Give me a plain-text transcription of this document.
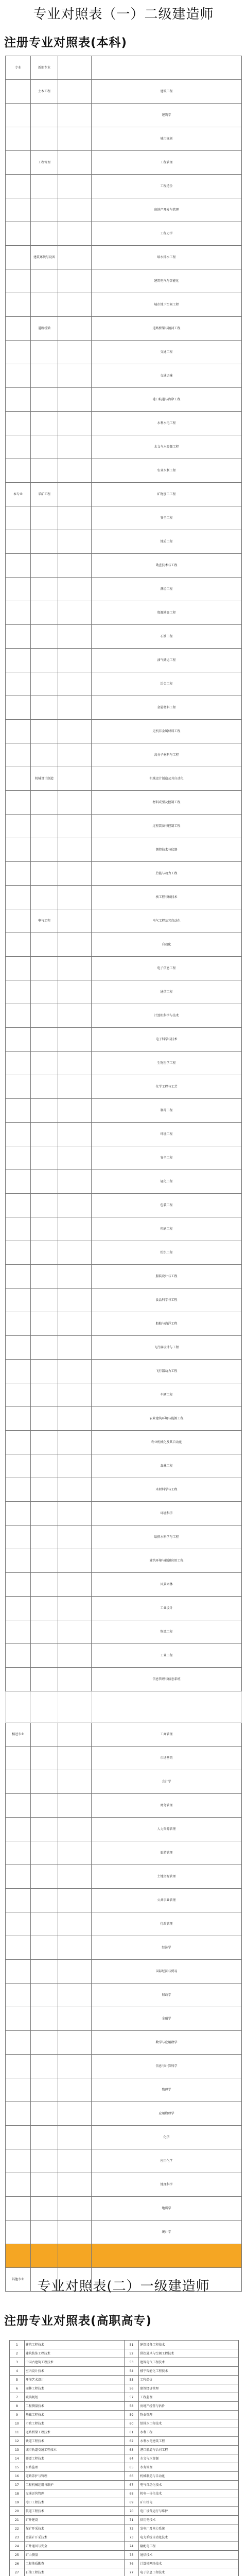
专业对照表（一）二级建造师
注册专业对照表(本科)
专业	新旧专业		
	土木工程		建筑工程
			建筑学
			城市规划
	工程管理		工程管理
			工程造价
			房地产开发与管理
			工程力学
	建筑环境与设备		给水排水工程
			建筑电气与智能化
			城市地下空间工程
	道路桥梁		道路桥梁与渡河工程
			交通工程
			交通运输
			港口航道与海岸工程
			水利水电工程
			水文与水资源工程
			农业水利工程
本专业	采矿工程		矿物加工工程
			安全工程
			地质工程
			勘查技术与工程
			测绘工程
			资源勘查工程
			石油工程
			油气储运工程
			冶金工程
			金属材料工程
			无机非金属材料工程
			高分子材料与工程
	机械设计制造		机械设计制造及其自动化
			材料成型及控制工程
			过程装备与控制工程
			测控技术与仪器
			热能与动力工程
			核工程与核技术
	电气工程		电气工程及其自动化
			自动化
			电子信息工程
			通信工程
			计算机科学与技术
			电子科学与技术
			生物医学工程
			化学工程与工艺
			制药工程
			环境工程
			安全工程
			轻化工程
			包装工程
			印刷工程
			纺织工程
			服装设计与工程
			食品科学与工程
			船舶与海洋工程
			飞行器设计与工程
			飞行器动力工程
			车辆工程
			农业建筑环境与能源工程
			农业机械化及其自动化
			森林工程
			木材科学与工程
			环境科学
			给排水科学与工程
			建筑环境与能源应用工程
			风景园林
			工业设计
			物流工程
			工业工程
			信息管理与信息系统

相近专业			工商管理
			市场营销
			会计学
			财务管理
			人力资源管理
			旅游管理
			土地资源管理
			公共事业管理
			行政管理
			经济学
			国际经济与贸易
			财政学
			金融学
			数学与应用数学
			信息与计算科学
			物理学
			应用物理学
			化学
			应用化学
			地理科学
			地质学
			统计学

其他专业			专业对照表(二）一级建造师
注册专业对照表(高职高专)
1	建筑工程技术	51	建筑设备工程技术
2	建筑装饰工程技术	52	供热通风与空调工程技术
3	中国古建筑工程技术	53	建筑电气工程技术
4	室内设计技术	54	楼宇智能化工程技术
5	环境艺术设计	55	工程造价
6	园林工程技术	56	建筑经济管理
7	城镇规划	57	工程监理
8	工程测量技术	58	房地产经营与估价
9	基础工程技术	59	物业管理
10	市政工程技术	60	给排水工程技术
11	道路桥梁工程技术	61	水利工程
12	铁道工程技术	62	水利水电建筑工程
13	城市轨道交通工程技术	63	港口航道与治河工程
14	隧道工程技术	64	水文与水资源
15	公路监理	65	水务管理
16	道路养护与管理	66	机械制造与自动化
17	工程机械运用与维护	67	电气自动化技术
18	交通运营管理	68	机电一体化技术
19	港口工程技术	69	矿山机电
20	航道工程技术	70	电厂设备运行与维护
21	矿井建设	71	供用电技术
22	煤矿开采技术	72	发电厂及电力系统
23	金属矿开采技术	73	电力系统自动化技术
24	矿井通风与安全	74	输配电工程
25	矿山测量	75	通信技术
26	工程地质勘查	76	计算机网络技术
27	石油工程技术	77	电子信息工程技术
